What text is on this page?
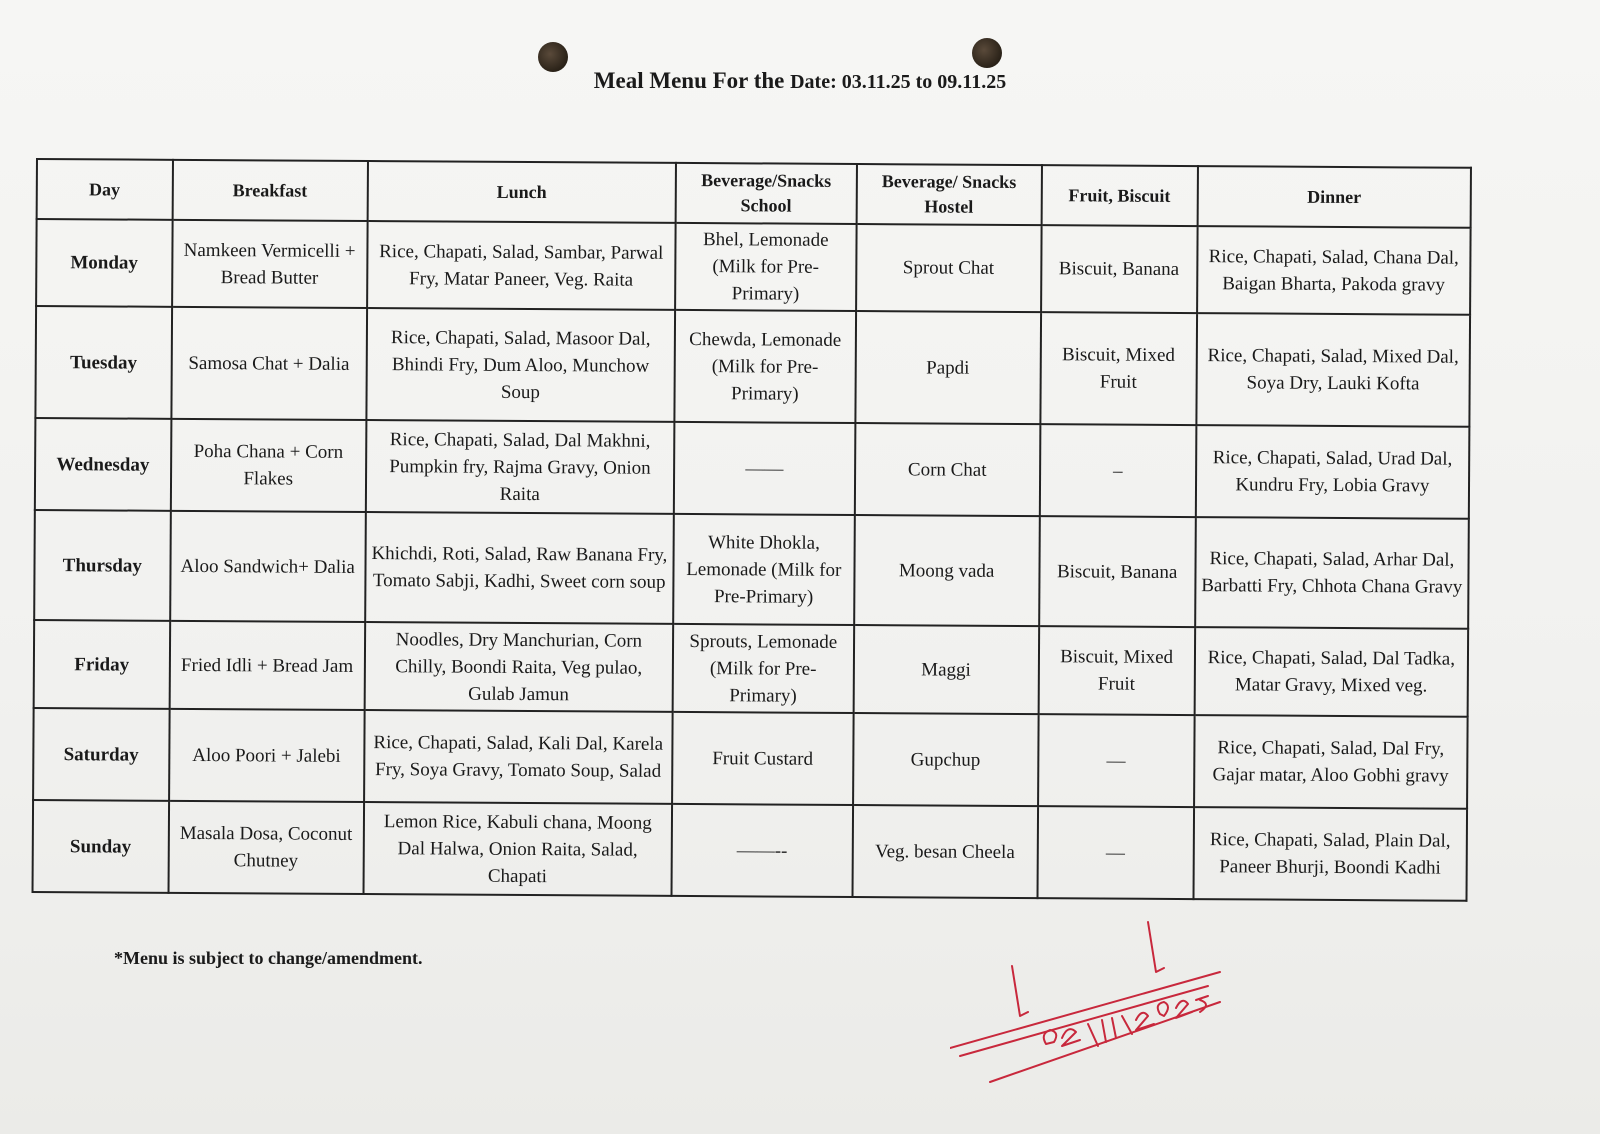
Meal Menu For the Date: 03.11.25 to 09.11.25
Day	Breakfast	Lunch	Beverage/Snacks School	Beverage/ Snacks Hostel	Fruit, Biscuit	Dinner
Monday	Namkeen Vermicelli + Bread Butter	Rice, Chapati, Salad, Sambar, Parwal Fry, Matar Paneer, Veg. Raita	Bhel, Lemonade (Milk for Pre-Primary)	Sprout Chat	Biscuit, Banana	Rice, Chapati, Salad, Chana Dal, Baigan Bharta, Pakoda gravy
Tuesday	Samosa Chat + Dalia	Rice, Chapati, Salad, Masoor Dal, Bhindi Fry, Dum Aloo, Munchow Soup	Chewda, Lemonade (Milk for Pre-Primary)	Papdi	Biscuit, Mixed Fruit	Rice, Chapati, Salad, Mixed Dal, Soya Dry, Lauki Kofta
Wednesday	Poha Chana + Corn Flakes	Rice, Chapati, Salad, Dal Makhni, Pumpkin fry, Rajma Gravy, Onion Raita	——	Corn Chat	–	Rice, Chapati, Salad, Urad Dal, Kundru Fry, Lobia Gravy
Thursday	Aloo Sandwich+ Dalia	Khichdi, Roti, Salad, Raw Banana Fry, Tomato Sabji, Kadhi, Sweet corn soup	White Dhokla, Lemonade (Milk for Pre-Primary)	Moong vada	Biscuit, Banana	Rice, Chapati, Salad, Arhar Dal, Barbatti Fry, Chhota Chana Gravy
Friday	Fried Idli + Bread Jam	Noodles, Dry Manchurian, Corn Chilly, Boondi Raita, Veg pulao, Gulab Jamun	Sprouts, Lemonade (Milk for Pre-Primary)	Maggi	Biscuit, Mixed Fruit	Rice, Chapati, Salad, Dal Tadka, Matar Gravy, Mixed veg.
Saturday	Aloo Poori + Jalebi	Rice, Chapati, Salad, Kali Dal, Karela Fry, Soya Gravy, Tomato Soup, Salad	Fruit Custard	Gupchup	—	Rice, Chapati, Salad, Dal Fry, Gajar matar, Aloo Gobhi gravy
Sunday	Masala Dosa, Coconut Chutney	Lemon Rice, Kabuli chana, Moong Dal Halwa, Onion Raita, Salad, Chapati	——--	Veg. besan Cheela	—	Rice, Chapati, Salad, Plain Dal, Paneer Bhurji, Boondi Kadhi
*Menu is subject to change/amendment.
